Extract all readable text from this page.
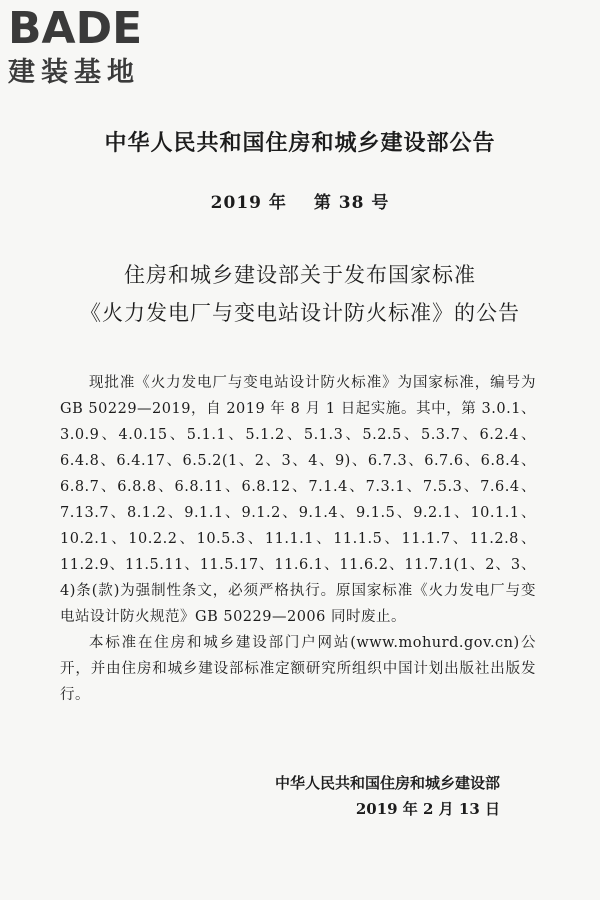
BADE
建装基地
中华人民共和国住房和城乡建设部公告
2019 年 第 38 号
住房和城乡建设部关于发布国家标准
《火力发电厂与变电站设计防火标准》的公告

现批准《火力发电厂与变电站设计防火标准》为国家标准，编号为 GB 50229—2019，自 2019 年 8 月 1 日起实施。其中，第 3.0.1、3.0.9、4.0.15、5.1.1、5.1.2、5.1.3、5.2.5、5.3.7、6.2.4、6.4.8、6.4.17、6.5.2(1、2、3、4、9)、6.7.3、6.7.6、6.8.4、6.8.7、6.8.8、6.8.11、6.8.12、7.1.4、7.3.1、7.5.3、7.6.4、7.13.7、8.1.2、9.1.1、9.1.2、9.1.4、9.1.5、9.2.1、10.1.1、10.2.1、10.2.2、10.5.3、11.1.1、11.1.5、11.1.7、11.2.8、11.2.9、11.5.11、11.5.17、11.6.1、11.6.2、11.7.1(1、2、3、4)条(款)为强制性条文，必须严格执行。原国家标准《火力发电厂与变电站设计防火规范》GB 50229—2006 同时废止。

本标准在住房和城乡建设部门户网站(www.mohurd.gov.cn)公开，并由住房和城乡建设部标准定额研究所组织中国计划出版社出版发行。

中华人民共和国住房和城乡建设部
2019 年 2 月 13 日
